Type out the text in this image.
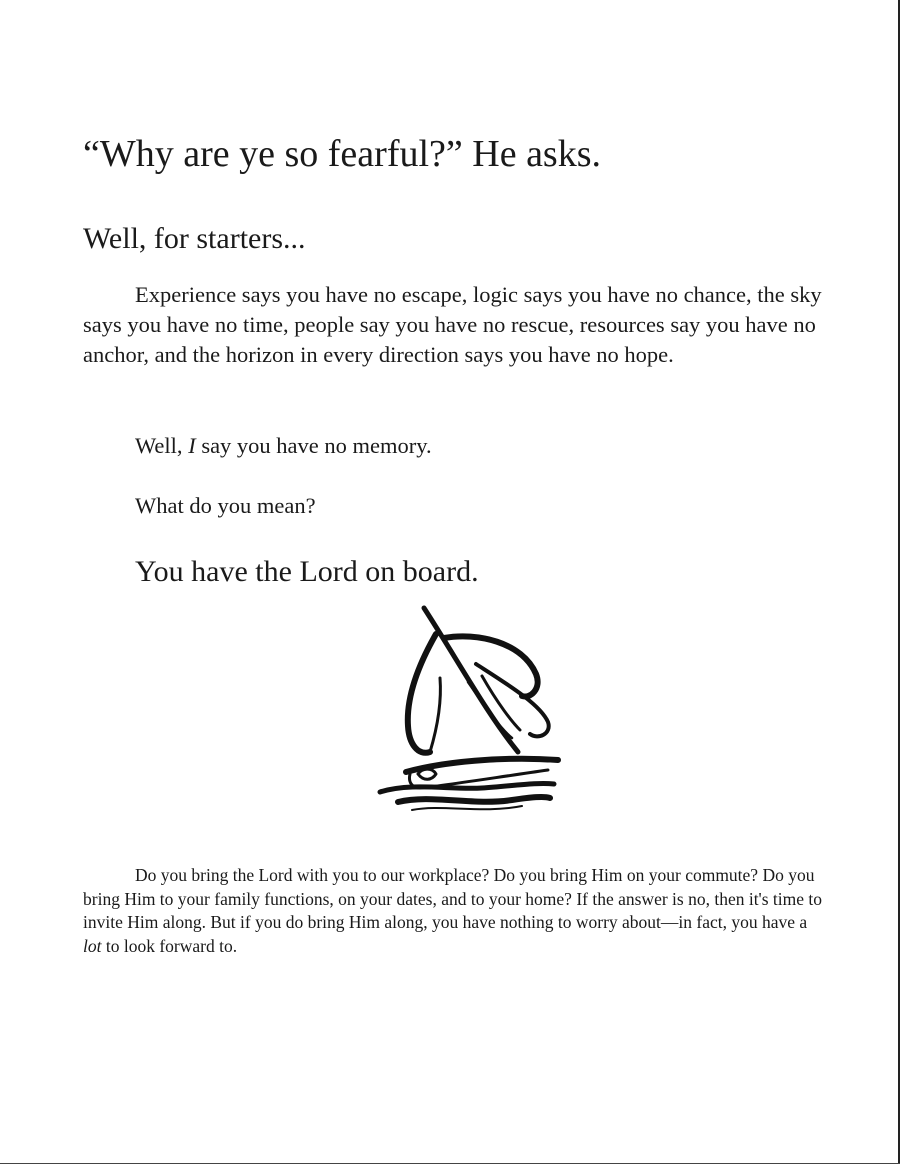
“Why are ye so fearful?” He asks.
Well, for starters...

Experience says you have no escape, logic says you have no chance, the sky says you have no time, people say you have no rescue, resources say you have no anchor, and the horizon in every direction says you have no hope.

Well, I say you have no memory.

What do you mean?

You have the Lord on board.

Do you bring the Lord with you to our workplace? Do you bring Him on your commute? Do you bring Him to your family functions, on your dates, and to your home? If the answer is no, then it's time to invite Him along. But if you do bring Him along, you have nothing to worry about—in fact, you have a lot to look forward to.
